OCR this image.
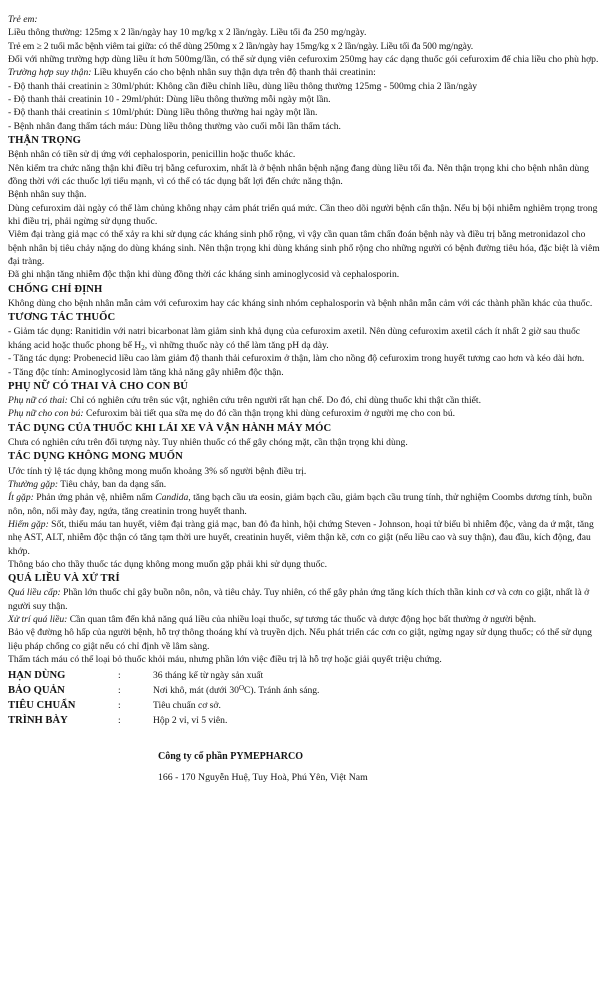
Trẻ em:

Liều thông thường: 125mg x 2 lần/ngày hay 10 mg/kg x 2 lần/ngày. Liều tối đa 250 mg/ngày.

Trẻ em ≥ 2 tuổi mắc bệnh viêm tai giữa: có thể dùng 250mg x 2 lần/ngày hay 15mg/kg x 2 lần/ngày. Liều tối đa 500 mg/ngày.

Đối với những trường hợp dùng liều ít hơn 500mg/lần, có thể sử dụng viên cefuroxim 250mg hay các dạng thuốc gói cefuroxim để chia liều cho phù hợp.

Trường hợp suy thận: Liều khuyến cáo cho bệnh nhân suy thận dựa trên độ thanh thải creatinin:

- Độ thanh thải creatinin ≥ 30ml/phút: Không cần điều chỉnh liều, dùng liều thông thường 125mg - 500mg chia 2 lần/ngày

- Độ thanh thải creatinin 10 - 29ml/phút: Dùng liều thông thường mỗi ngày một lần.

- Độ thanh thải creatinin ≤ 10ml/phút: Dùng liều thông thường hai ngày một lần.

- Bệnh nhân đang thẩm tách máu: Dùng liều thông thường vào cuối mỗi lần thẩm tách.

THẬN TRỌNG

Bệnh nhân có tiền sử dị ứng với cephalosporin, penicillin hoặc thuốc khác.

Nên kiểm tra chức năng thận khi điều trị bằng cefuroxim, nhất là ở bệnh nhân bệnh nặng đang dùng liều tối đa. Nên thận trọng khi cho bệnh nhân dùng đồng thời với các thuốc lợi tiểu mạnh, vì có thể có tác dụng bất lợi đến chức năng thận.

Bệnh nhân suy thận.

Dùng cefuroxim dài ngày có thể làm chủng không nhạy cảm phát triển quá mức. Cần theo dõi người bệnh cẩn thận. Nếu bị bội nhiễm nghiêm trọng trong khi điều trị, phải ngừng sử dụng thuốc.

Viêm đại tràng giả mạc có thể xảy ra khi sử dụng các kháng sinh phổ rộng, vì vậy cần quan tâm chẩn đoán bệnh này và điều trị bằng metronidazol cho bệnh nhân bị tiêu chảy nặng do dùng kháng sinh. Nên thận trọng khi dùng kháng sinh phổ rộng cho những người có bệnh đường tiêu hóa, đặc biệt là viêm đại tràng.

Đã ghi nhận tăng nhiễm độc thận khi dùng đồng thời các kháng sinh aminoglycosid và cephalosporin.

CHỐNG CHỈ ĐỊNH

Không dùng cho bệnh nhân mẫn cảm với cefuroxim hay các kháng sinh nhóm cephalosporin và bệnh nhân mẫn cảm với các thành phần khác của thuốc.

TƯƠNG TÁC THUỐC

- Giảm tác dụng: Ranitidin với natri bicarbonat làm giảm sinh khả dụng của cefuroxim axetil. Nên dùng cefuroxim axetil cách ít nhất 2 giờ sau thuốc kháng acid hoặc thuốc phong bế $H_2$, vì những thuốc này có thể làm tăng pH dạ dày.

- Tăng tác dụng: Probenecid liều cao làm giảm độ thanh thải cefuroxim ở thận, làm cho nồng độ cefuroxim trong huyết tương cao hơn và kéo dài hơn.

- Tăng độc tính: Aminoglycosid làm tăng khả năng gây nhiễm độc thận.

PHỤ NỮ CÓ THAI VÀ CHO CON BÚ

Phụ nữ có thai: Chỉ có nghiên cứu trên súc vật, nghiên cứu trên người rất hạn chế. Do đó, chỉ dùng thuốc khi thật cần thiết.

Phụ nữ cho con bú: Cefuroxim bài tiết qua sữa mẹ do đó cần thận trọng khi dùng cefuroxim ở người mẹ cho con bú.

TÁC DỤNG CỦA THUỐC KHI LÁI XE VÀ VẬN HÀNH MÁY MÓC

Chưa có nghiên cứu trên đối tượng này. Tuy nhiên thuốc có thể gây chóng mặt, cần thận trọng khi dùng.

TÁC DỤNG KHÔNG MONG MUỐN

Ước tính tỷ lệ tác dụng không mong muốn khoảng 3% số người bệnh điều trị.

Thường gặp: Tiêu chảy, ban da dạng sẩn.

Ít gặp: Phản ứng phản vệ, nhiễm nấm Candida, tăng bạch cầu ưa eosin, giảm bạch cầu, giảm bạch cầu trung tính, thử nghiệm Coombs dương tính, buồn nôn, nôn, nổi mày đay, ngứa, tăng creatinin trong huyết thanh.

Hiếm gặp: Sốt, thiếu máu tan huyết, viêm đại tràng giả mạc, ban đỏ đa hình, hội chứng Steven - Johnson, hoại tử biểu bì nhiễm độc, vàng da ứ mật, tăng nhẹ AST, ALT, nhiễm độc thận có tăng tạm thời ure huyết, creatinin huyết, viêm thận kẽ, cơn co giật (nếu liều cao và suy thận), đau đầu, kích động, đau khớp.

Thông báo cho thầy thuốc tác dụng không mong muốn gặp phải khi sử dụng thuốc.

QUÁ LIỀU VÀ XỬ TRÍ

Quá liều cấp: Phần lớn thuốc chỉ gây buồn nôn, nôn, và tiêu chảy. Tuy nhiên, có thể gây phản ứng tăng kích thích thần kinh cơ và cơn co giật, nhất là ở người suy thận.

Xử trí quá liều: Cần quan tâm đến khả năng quá liều của nhiều loại thuốc, sự tương tác thuốc và dược động học bất thường ở người bệnh.

Bảo vệ đường hô hấp của người bệnh, hỗ trợ thông thoáng khí và truyền dịch. Nếu phát triển các cơn co giật, ngừng ngay sử dụng thuốc; có thể sử dụng liệu pháp chống co giật nếu có chỉ định về lâm sàng.

Thẩm tách máu có thể loại bỏ thuốc khỏi máu, nhưng phần lớn việc điều trị là hỗ trợ hoặc giải quyết triệu chứng.

HẠN DÙNG	:	36 tháng kể từ ngày sản xuất
BẢO QUẢN	:	Nơi khô, mát (dưới $30^OC$). Tránh ánh sáng.
TIÊU CHUẨN	:	Tiêu chuẩn cơ sở.
TRÌNH BÀY	:	Hộp 2 vỉ, vỉ 5 viên.

Công ty cổ phần PYMEPHARCO

166 - 170 Nguyễn Huệ, Tuy Hoà, Phú Yên, Việt Nam
